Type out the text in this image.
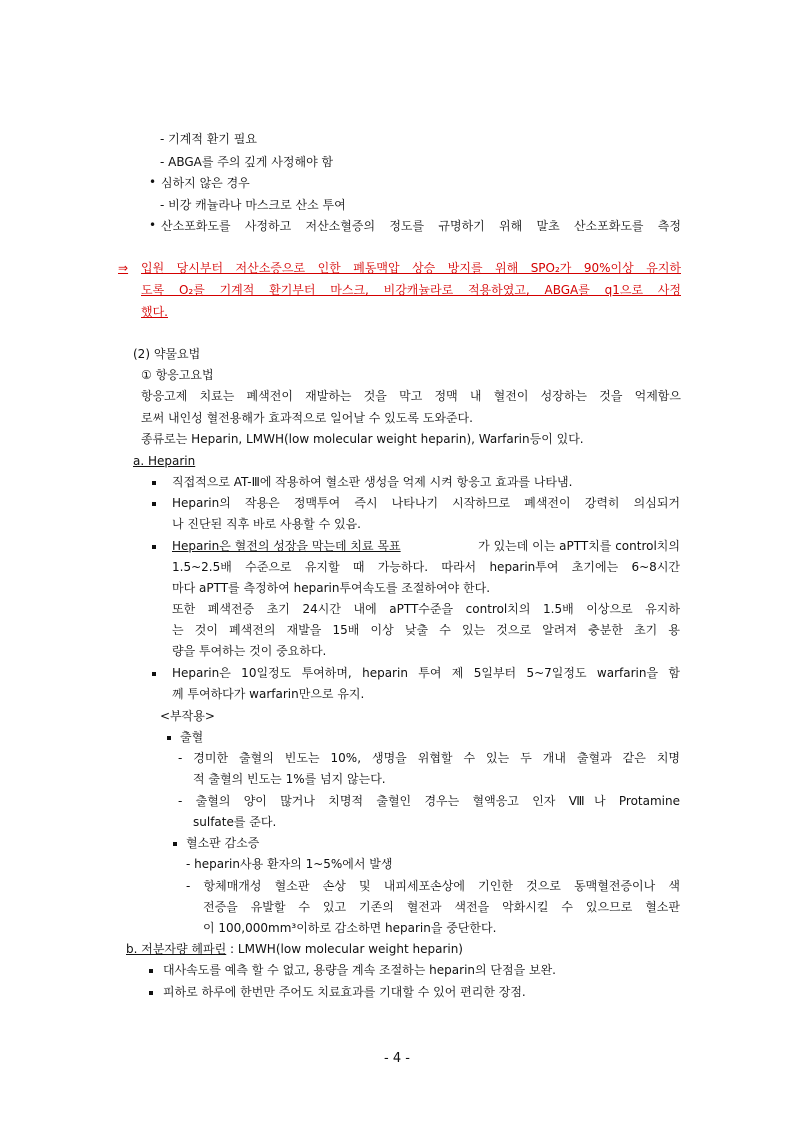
- 기계적 환기 필요
- ABGA를 주의 깊게 사정해야 함
• 심하지 않은 경우
- 비강 캐뉼라나 마스크로 산소 투여
• 산소포화도를 사정하고 저산소혈증의 정도를 규명하기 위해 말초 산소포화도를 측정
⇒ 입원 당시부터 저산소증으로 인한 폐동맥압 상승 방지를 위해 SPO₂가 90%이상 유지하
도록 O₂를 기계적 환기부터 마스크, 비강캐뉼라로 적용하였고, ABGA를 q1으로 사정
했다.
(2) 약물요법
① 항응고요법
항응고제 치료는 폐색전이 재발하는 것을 막고 정맥 내 혈전이 성장하는 것을 억제함으
로써 내인성 혈전용해가 효과적으로 일어날 수 있도록 도와준다.
종류로는 Heparin, LMWH(low molecular weight heparin), Warfarin등이 있다.
a. Heparin
직접적으로 AT-Ⅲ에 작용하여 혈소판 생성을 억제 시켜 항응고 효과를 나타냄.
Heparin의 작용은 정맥투여 즉시 나타나기 시작하므로 폐색전이 강력히 의심되거
나 진단된 직후 바로 사용할 수 있음.
Heparin은 혈전의 성장을 막는데 치료 목표	가 있는데 이는 aPTT치를 control치의
1.5~2.5배 수준으로 유지할 때 가능하다. 따라서 heparin투여 초기에는 6~8시간
마다 aPTT를 측정하여 heparin투여속도를 조절하여야 한다.
또한 폐색전증 초기 24시간 내에 aPTT수준을 control치의 1.5배 이상으로 유지하
는 것이 폐색전의 재발을 15배 이상 낮출 수 있는 것으로 알려져 충분한 초기 용
량을 투여하는 것이 중요하다.
Heparin은 10일정도 투여하며, heparin 투여 제 5일부터 5~7일정도 warfarin을 함
께 투여하다가 warfarin만으로 유지.
<부작용>
출혈
- 경미한 출혈의 빈도는 10%, 생명을 위협할 수 있는 두 개내 출혈과 같은 치명
적 출혈의 빈도는 1%를 넘지 않는다.
- 출혈의 양이 많거나 치명적 출혈인 경우는 혈액응고 인자 Ⅷ나 Protamine
sulfate를 준다.
혈소판 감소증
- heparin사용 환자의 1~5%에서 발생
- 항체매개성 혈소판 손상 및 내피세포손상에 기인한 것으로 동맥혈전증이나 색
전증을 유발할 수 있고 기존의 혈전과 색전을 악화시킬 수 있으므로 혈소판
이 100,000mm³이하로 감소하면 heparin을 중단한다.
b. 저분자량 헤파린 : LMWH(low molecular weight heparin)
대사속도를 예측 할 수 없고, 용량을 계속 조절하는 heparin의 단점을 보완.
피하로 하루에 한번만 주어도 치료효과를 기대할 수 있어 편리한 장점.
- 4 -
